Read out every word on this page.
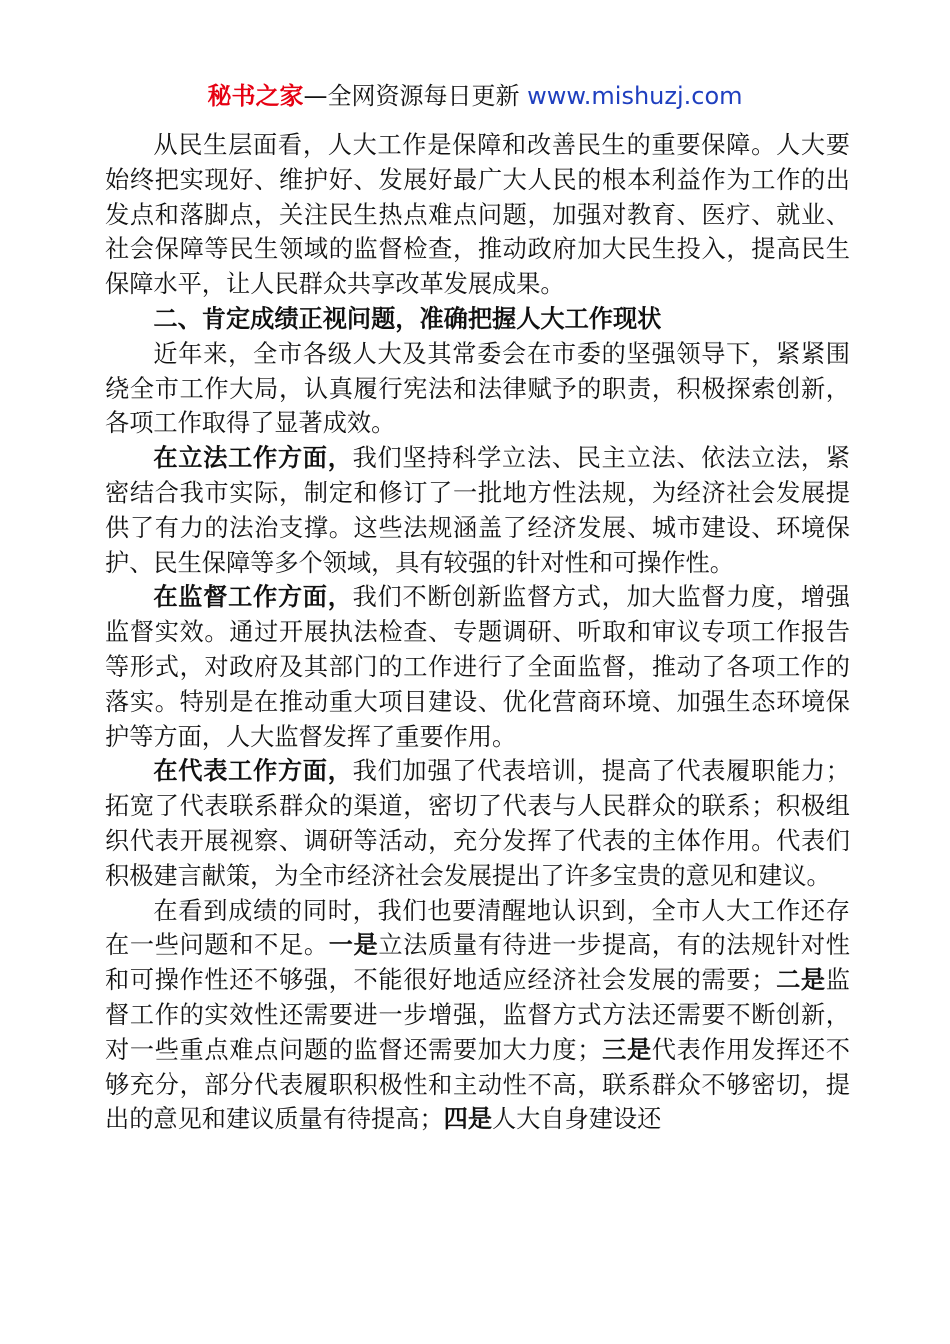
秘书之家—全网资源每日更新 www.mishuzj.com

从民生层面看，人大工作是保障和改善民生的重要保障。人大要始终把实现好、维护好、发展好最广大人民的根本利益作为工作的出发点和落脚点，关注民生热点难点问题，加强对教育、医疗、就业、社会保障等民生领域的监督检查，推动政府加大民生投入，提高民生保障水平，让人民群众共享改革发展成果。

二、肯定成绩正视问题，准确把握人大工作现状

近年来，全市各级人大及其常委会在市委的坚强领导下，紧紧围绕全市工作大局，认真履行宪法和法律赋予的职责，积极探索创新，各项工作取得了显著成效。

在立法工作方面，我们坚持科学立法、民主立法、依法立法，紧密结合我市实际，制定和修订了一批地方性法规，为经济社会发展提供了有力的法治支撑。这些法规涵盖了经济发展、城市建设、环境保护、民生保障等多个领域，具有较强的针对性和可操作性。

在监督工作方面，我们不断创新监督方式，加大监督力度，增强监督实效。通过开展执法检查、专题调研、听取和审议专项工作报告等形式，对政府及其部门的工作进行了全面监督，推动了各项工作的落实。特别是在推动重大项目建设、优化营商环境、加强生态环境保护等方面，人大监督发挥了重要作用。

在代表工作方面，我们加强了代表培训，提高了代表履职能力；拓宽了代表联系群众的渠道，密切了代表与人民群众的联系；积极组织代表开展视察、调研等活动，充分发挥了代表的主体作用。代表们积极建言献策，为全市经济社会发展提出了许多宝贵的意见和建议。

在看到成绩的同时，我们也要清醒地认识到，全市人大工作还存在一些问题和不足。一是立法质量有待进一步提高，有的法规针对性和可操作性还不够强，不能很好地适应经济社会发展的需要；二是监督工作的实效性还需要进一步增强，监督方式方法还需要不断创新，对一些重点难点问题的监督还需要加大力度；三是代表作用发挥还不够充分，部分代表履职积极性和主动性不高，联系群众不够密切，提出的意见和建议质量有待提高；四是人大自身建设还
